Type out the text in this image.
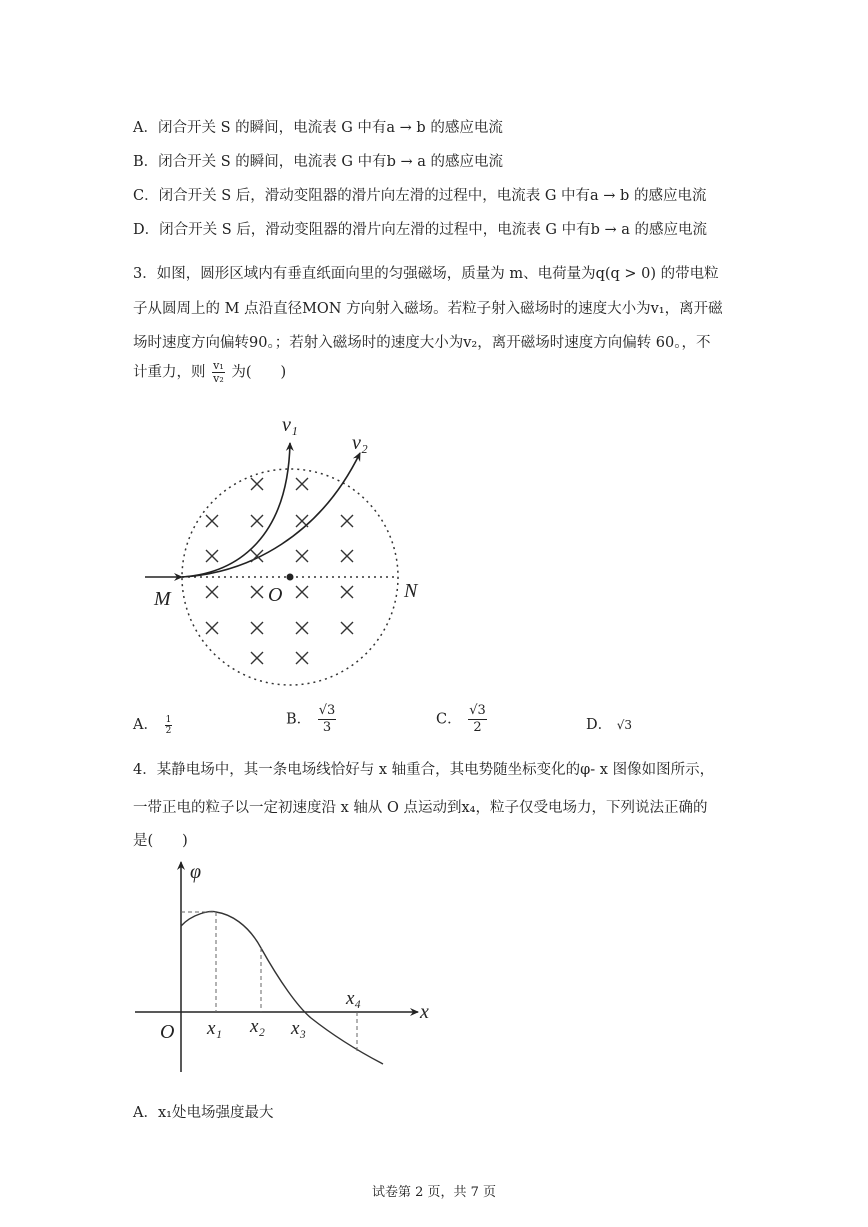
A．闭合开关 S 的瞬间，电流表 G 中有a → b 的感应电流
B．闭合开关 S 的瞬间，电流表 G 中有b → a 的感应电流
C．闭合开关 S 后，滑动变阻器的滑片向左滑的过程中，电流表 G 中有a → b 的感应电流
D．闭合开关 S 后，滑动变阻器的滑片向左滑的过程中，电流表 G 中有b → a 的感应电流
3．如图，圆形区域内有垂直纸面向里的匀强磁场，质量为 m、电荷量为q(q > 0) 的带电粒
子从圆周上的 M 点沿直径MON 方向射入磁场。若粒子射入磁场时的速度大小为v₁，离开磁
场时速度方向偏转90。；若射入磁场时的速度大小为v₂，离开磁场时速度方向偏转 60。，不
计重力，则 $\frac{\text{v₁}}{\text{v₂}}$ 为(　　)
v₁
v₂
M	O	N
A． $\frac{1}{2}$	B． $\frac{√3}{3}$	C． $\frac{√3}{2}$	D． √3
4．某静电场中，其一条电场线恰好与 x 轴重合，其电势随坐标变化的φ- x 图像如图所示，
一带正电的粒子以一定初速度沿 x 轴从 O 点运动到x₄，粒子仅受电场力，下列说法正确的
是(　　)
φ
x
O x₁ x₂ x₃
x₄
A．x₁处电场强度最大
试卷第 2 页，共 7 页
